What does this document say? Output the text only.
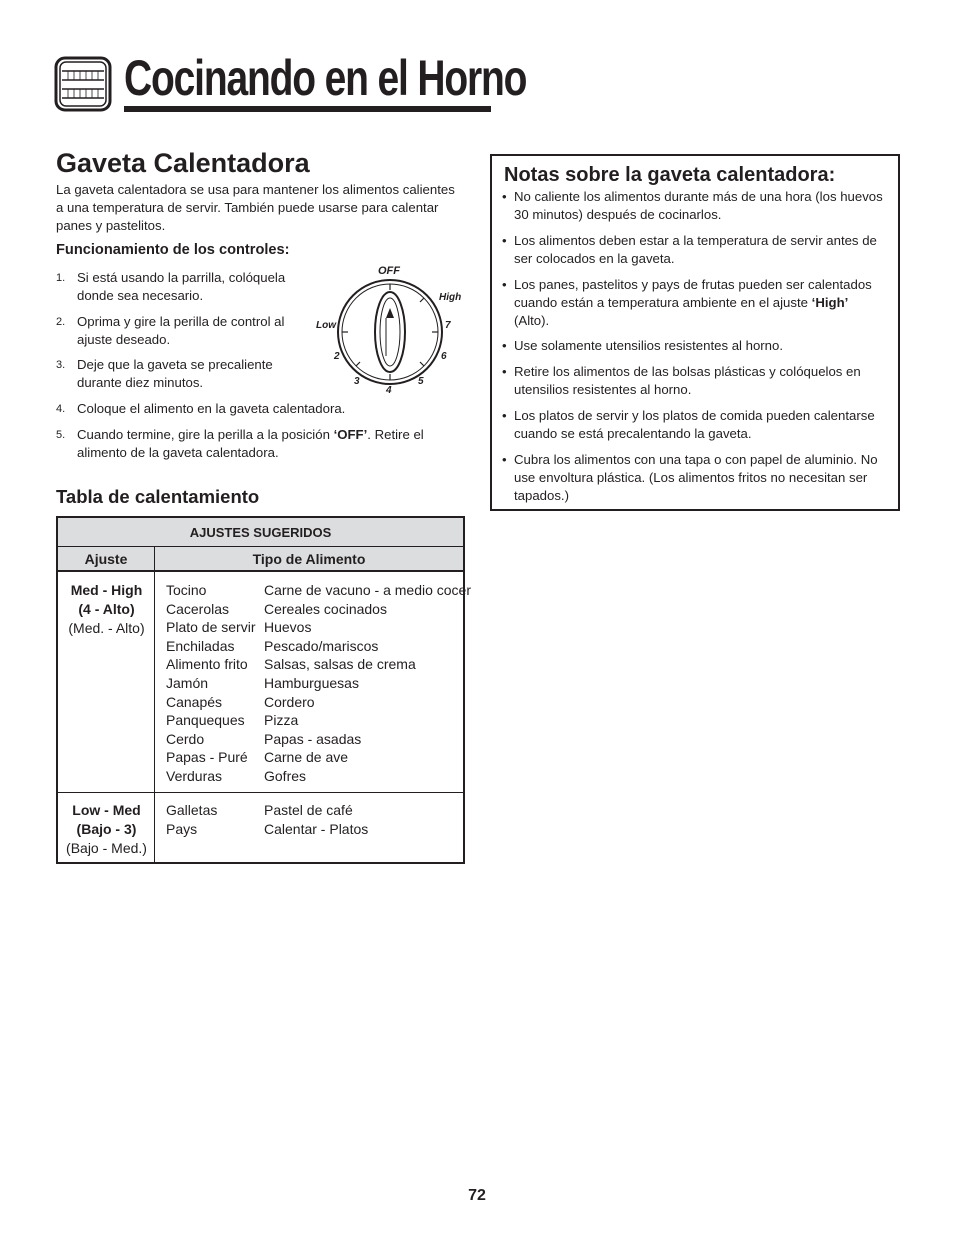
Cocinando en el Horno
Gaveta Calentadora
La gaveta calentadora se usa para mantener los alimentos calientes a una temperatura de servir. También puede usarse para calentar panes y pastelitos.
Funcionamiento de los controles:
1. Si está usando la parrilla, colóquela
donde sea necesario.
2. Oprima y gire la perilla de control al
ajuste deseado.
3. Deje que la gaveta se precaliente
durante diez minutos.
4. Coloque el alimento en la gaveta calentadora.
5. Cuando termine, gire la perilla a la posición ‘OFF’. Retire el
alimento de la gaveta calentadora.
OFF
High
7
6
5
4
3
2
Low
Tabla de calentamiento
AJUSTES SUGERIDOS
Ajuste	Tipo de Alimento
Med - High
(4 - Alto)
(Med. - Alto)
Tocino
Cacerolas
Plato de servir
Enchiladas
Alimento frito
Jamón
Canapés
Panqueques
Cerdo
Papas - Puré
Verduras
Carne de vacuno - a medio cocer
Cereales cocinados
Huevos
Pescado/mariscos
Salsas, salsas de crema
Hamburguesas
Cordero
Pizza
Papas - asadas
Carne de ave
Gofres
Low - Med
(Bajo - 3)
(Bajo - Med.)
Galletas
Pays
Pastel de café
Calentar - Platos
Notas sobre la gaveta calentadora:
• No caliente los alimentos durante más de una hora (los huevos
30 minutos) después de cocinarlos.
• Los alimentos deben estar a la temperatura de servir antes de
ser colocados en la gaveta.
• Los panes, pastelitos y pays de frutas pueden ser calentados
cuando están a temperatura ambiente en el ajuste ‘High’
(Alto).
• Use solamente utensilios resistentes al horno.
• Retire los alimentos de las bolsas plásticas y colóquelos en
utensilios resistentes al horno.
• Los platos de servir y los platos de comida pueden calentarse
cuando se está precalentando la gaveta.
• Cubra los alimentos con una tapa o con papel de aluminio. No
use envoltura plástica. (Los alimentos fritos no necesitan ser
tapados.)
72
